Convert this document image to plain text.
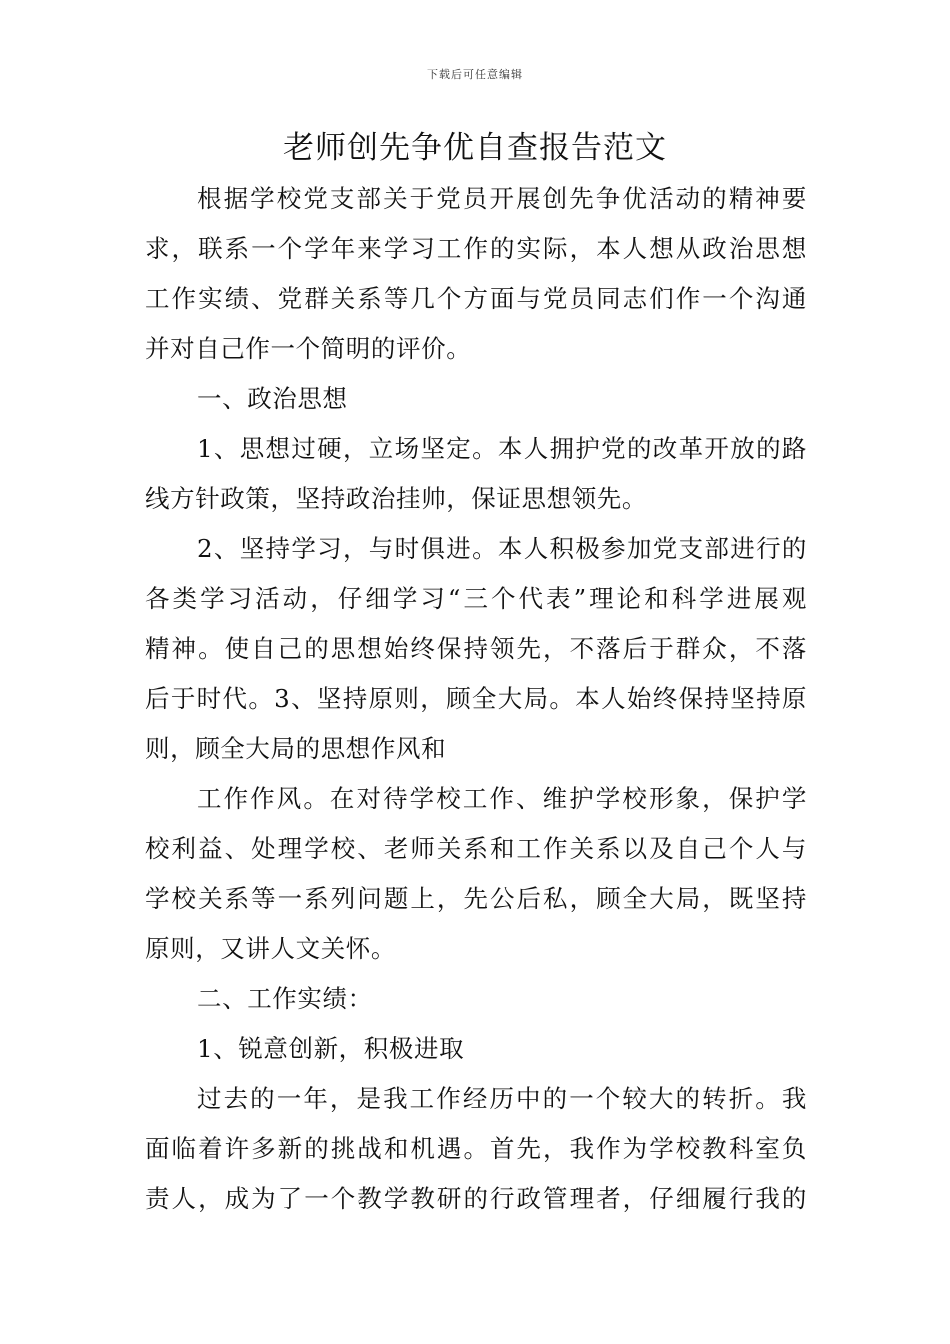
下载后可任意编辑
老师创先争优自查报告范文
根据学校党支部关于党员开展创先争优活动的精神要
求，联系一个学年来学习工作的实际，本人想从政治思想
工作实绩、党群关系等几个方面与党员同志们作一个沟通
并对自己作一个简明的评价。
一、政治思想
1、思想过硬，立场坚定。本人拥护党的改革开放的路
线方针政策，坚持政治挂帅，保证思想领先。
2、坚持学习，与时俱进。本人积极参加党支部进行的
各类学习活动，仔细学习“三个代表”理论和科学进展观
精神。使自己的思想始终保持领先，不落后于群众，不落
后于时代。3、坚持原则，顾全大局。本人始终保持坚持原
则，顾全大局的思想作风和
工作作风。在对待学校工作、维护学校形象，保护学
校利益、处理学校、老师关系和工作关系以及自己个人与
学校关系等一系列问题上，先公后私，顾全大局，既坚持
原则，又讲人文关怀。
二、工作实绩：
1、锐意创新，积极进取
过去的一年，是我工作经历中的一个较大的转折。我
面临着许多新的挑战和机遇。首先，我作为学校教科室负
责人，成为了一个教学教研的行政管理者，仔细履行我的
